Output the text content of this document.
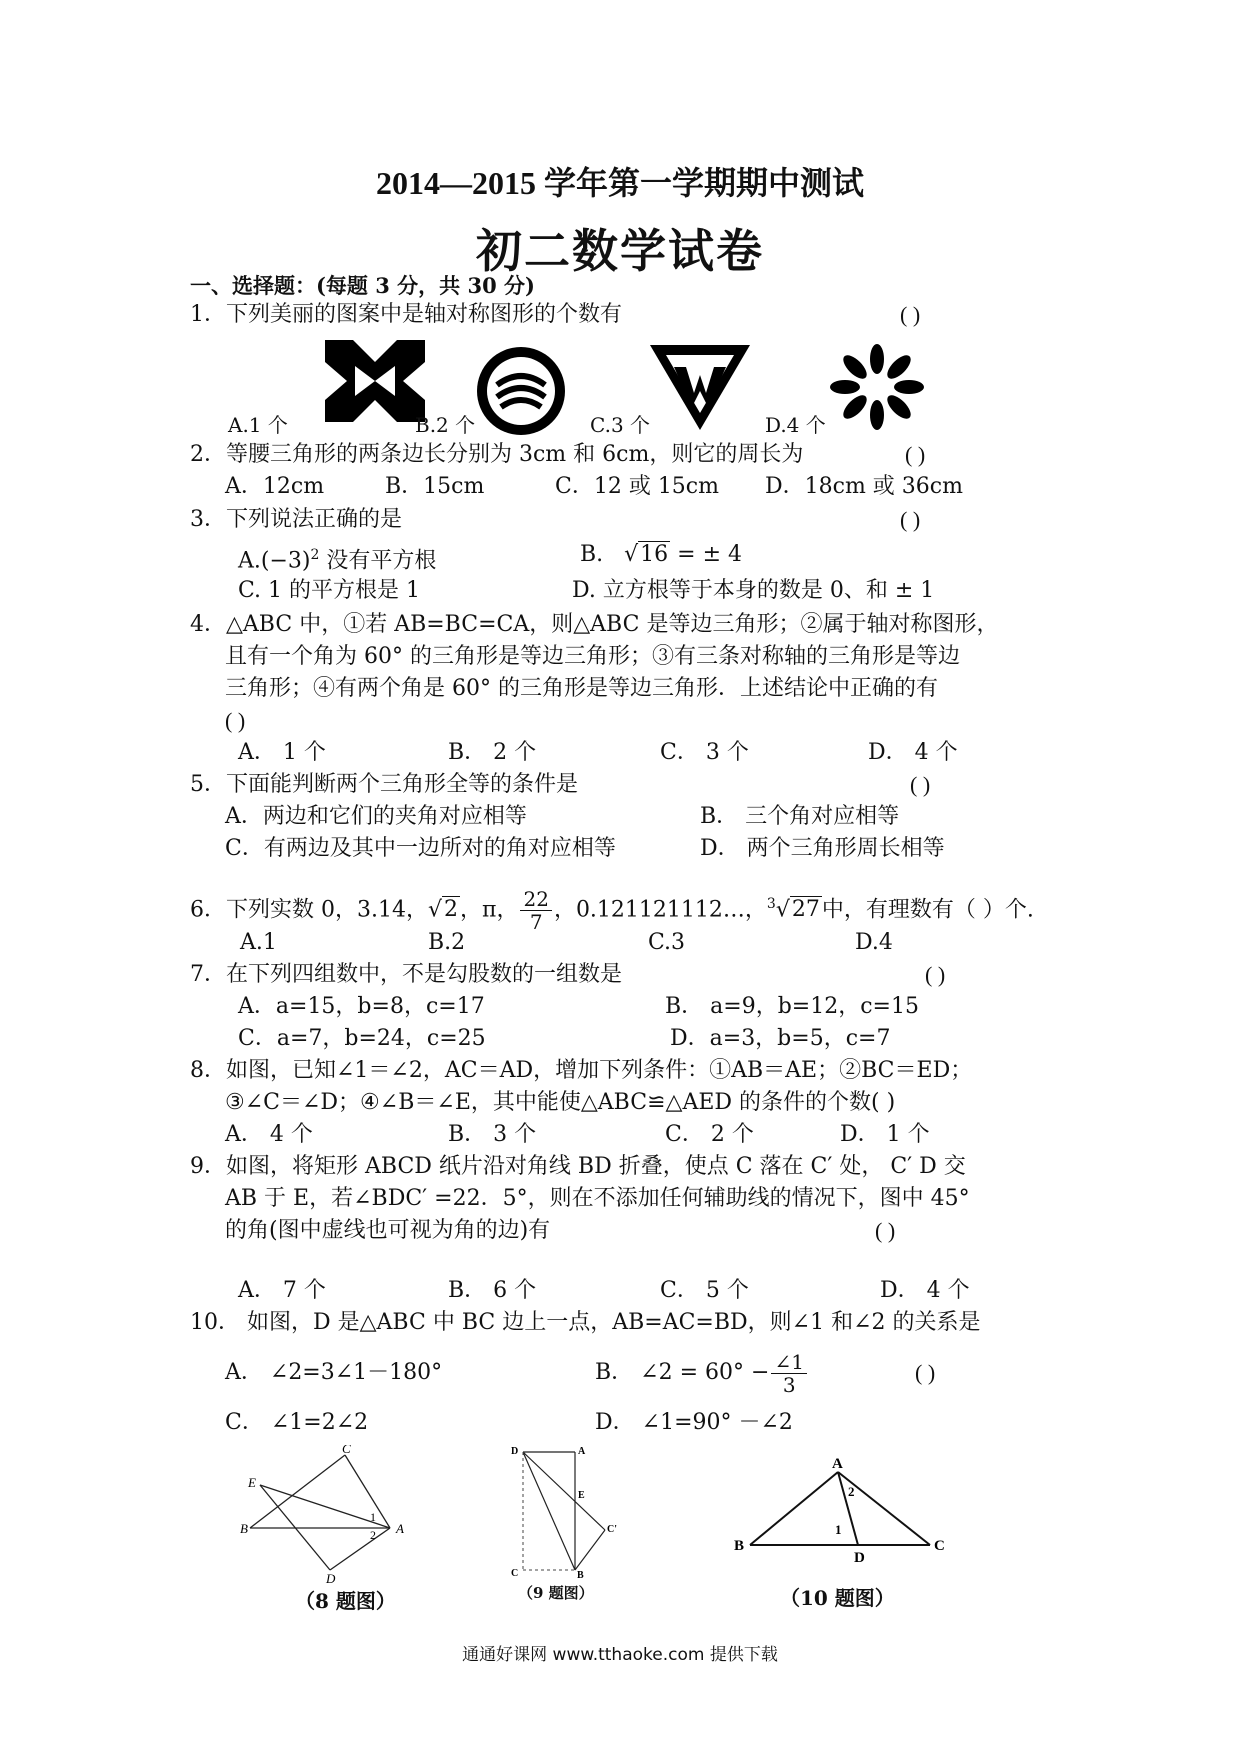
2014—2015 学年第一学期期中测试
初二数学试卷
一、选择题：(每题 3 分，共 30 分)
1．下列美丽的图案中是轴对称图形的个数有	( )
A.1 个	B.2 个	C.3 个	D.4 个
2．等腰三角形的两条边长分别为 3cm 和 6cm，则它的周长为	( )
A．12cm	B．15cm	C．12 或 15cm D．18cm 或 36cm
3．下列说法正确的是	( )
$A.(-3)^2$ 没有平方根	B.   √16 = ± 4
C. 1 的平方根是 1	D. 立方根等于本身的数是 0、和 ± 1
4．△ABC 中，①若 AB=BC=CA，则△ABC 是等边三角形；②属于轴对称图形，
且有一个角为 60° 的三角形是等边三角形；③有三条对称轴的三角形是等边
三角形；④有两个角是 60° 的三角形是等边三角形．上述结论中正确的有
( )
A． 1 个	B． 2 个	C． 3 个	D． 4 个
5．下面能判断两个三角形全等的条件是	( )
A．两边和它们的夹角对应相等	B． 三个角对应相等
C．有两边及其中一边所对的角对应相等	D． 两个三角形周长相等
6．下列实数 0，3.14，√2，π， $\frac{22}{7}$ ，0.121121112…，$^3$√27中，有理数有（ ）个.
A.1	B.2	C.3	D.4
7．在下列四组数中，不是勾股数的一组数是	( )
A．a=15，b=8，c=17	B． a=9，b=12，c=15
C．a=7，b=24，c=25	D．a=3，b=5，c=7
8．如图，已知∠1＝∠2，AC＝AD，增加下列条件：①AB＝AE；②BC＝ED；
③∠C＝∠D；④∠B＝∠E，其中能使△ABC≌△AED 的条件的个数( )
A． 4 个	B． 3 个	C． 2 个	D． 1 个
9．如图，将矩形 ABCD 纸片沿对角线 BD 折叠，使点 C 落在 C′ 处， C′ D 交
AB 于 E，若∠BDC′ =22．5°，则在不添加任何辅助线的情况下，图中 45°
的角(图中虚线也可视为角的边)有	( )
A． 7 个	B． 6 个	C． 5 个	D． 4 个
10． 如图，D 是△ABC 中 BC 边上一点，AB=AC=BD，则∠1 和∠2 的关系是
A． ∠2=3∠1－180°	B． ∠2 = $60^\circ - \frac{\angle 1}{3}$	( )
C． ∠1=2∠2	D． ∠1=90° －∠2
C
E
1
B	2 A
D
（8 题图）
D	A
E
C'
C	B
（9 题图）
A
2
1
B
D
C
（10 题图）
通通好课网 www.tthaoke.com 提供下载
